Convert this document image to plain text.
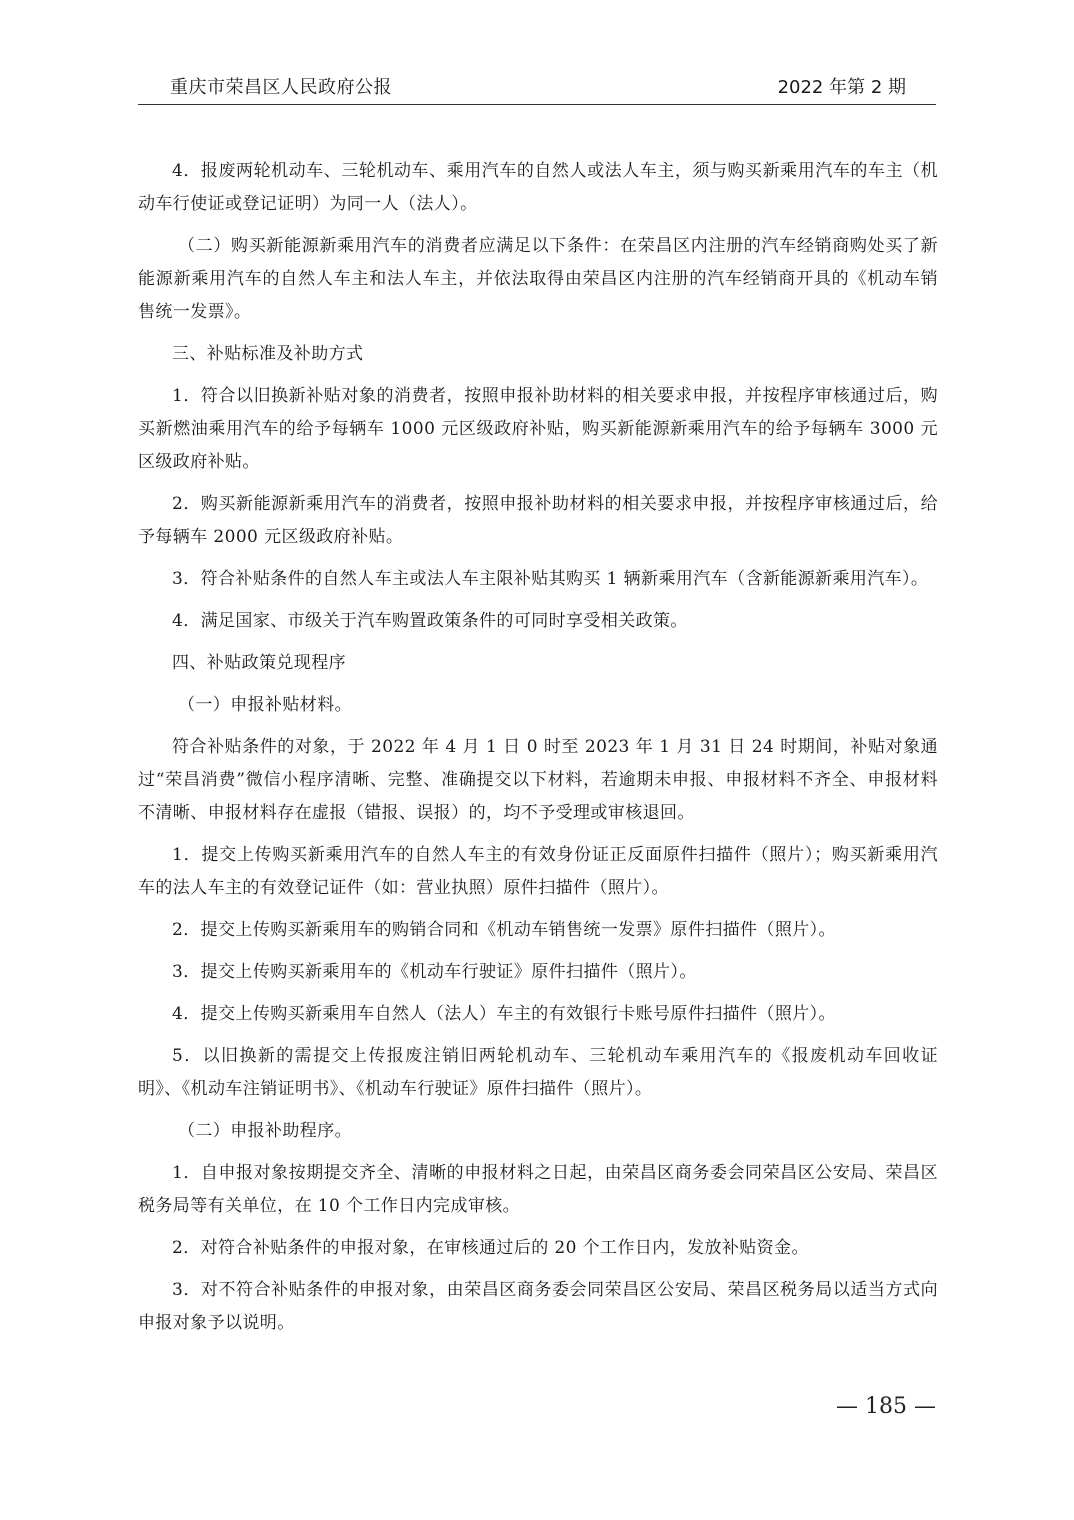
重庆市荣昌区人民政府公报	2022 年第 2 期

4．报废两轮机动车、三轮机动车、乘用汽车的自然人或法人车主，须与购买新乘用汽车的车主（机动车行使证或登记证明）为同一人（法人）。

（二）购买新能源新乘用汽车的消费者应满足以下条件：在荣昌区内注册的汽车经销商购处买了新能源新乘用汽车的自然人车主和法人车主，并依法取得由荣昌区内注册的汽车经销商开具的《机动车销售统一发票》。

三、补贴标准及补助方式

1．符合以旧换新补贴对象的消费者，按照申报补助材料的相关要求申报，并按程序审核通过后，购买新燃油乘用汽车的给予每辆车 1000 元区级政府补贴，购买新能源新乘用汽车的给予每辆车 3000 元区级政府补贴。

2．购买新能源新乘用汽车的消费者，按照申报补助材料的相关要求申报，并按程序审核通过后，给予每辆车 2000 元区级政府补贴。

3．符合补贴条件的自然人车主或法人车主限补贴其购买 1 辆新乘用汽车（含新能源新乘用汽车）。

4．满足国家、市级关于汽车购置政策条件的可同时享受相关政策。

四、补贴政策兑现程序

（一）申报补贴材料。

符合补贴条件的对象，于 2022 年 4 月 1 日 0 时至 2023 年 1 月 31 日 24 时期间，补贴对象通过“荣昌消费”微信小程序清晰、完整、准确提交以下材料，若逾期未申报、申报材料不齐全、申报材料不清晰、申报材料存在虚报（错报、误报）的，均不予受理或审核退回。

1．提交上传购买新乘用汽车的自然人车主的有效身份证正反面原件扫描件（照片）；购买新乘用汽车的法人车主的有效登记证件（如：营业执照）原件扫描件（照片）。

2．提交上传购买新乘用车的购销合同和《机动车销售统一发票》原件扫描件（照片）。

3．提交上传购买新乘用车的《机动车行驶证》原件扫描件（照片）。

4．提交上传购买新乘用车自然人（法人）车主的有效银行卡账号原件扫描件（照片）。

5．以旧换新的需提交上传报废注销旧两轮机动车、三轮机动车乘用汽车的《报废机动车回收证明》、《机动车注销证明书》、《机动车行驶证》原件扫描件（照片）。

（二）申报补助程序。

1．自申报对象按期提交齐全、清晰的申报材料之日起，由荣昌区商务委会同荣昌区公安局、荣昌区税务局等有关单位，在 10 个工作日内完成审核。

2．对符合补贴条件的申报对象，在审核通过后的 20 个工作日内，发放补贴资金。

3．对不符合补贴条件的申报对象，由荣昌区商务委会同荣昌区公安局、荣昌区税务局以适当方式向申报对象予以说明。

— 185 —
